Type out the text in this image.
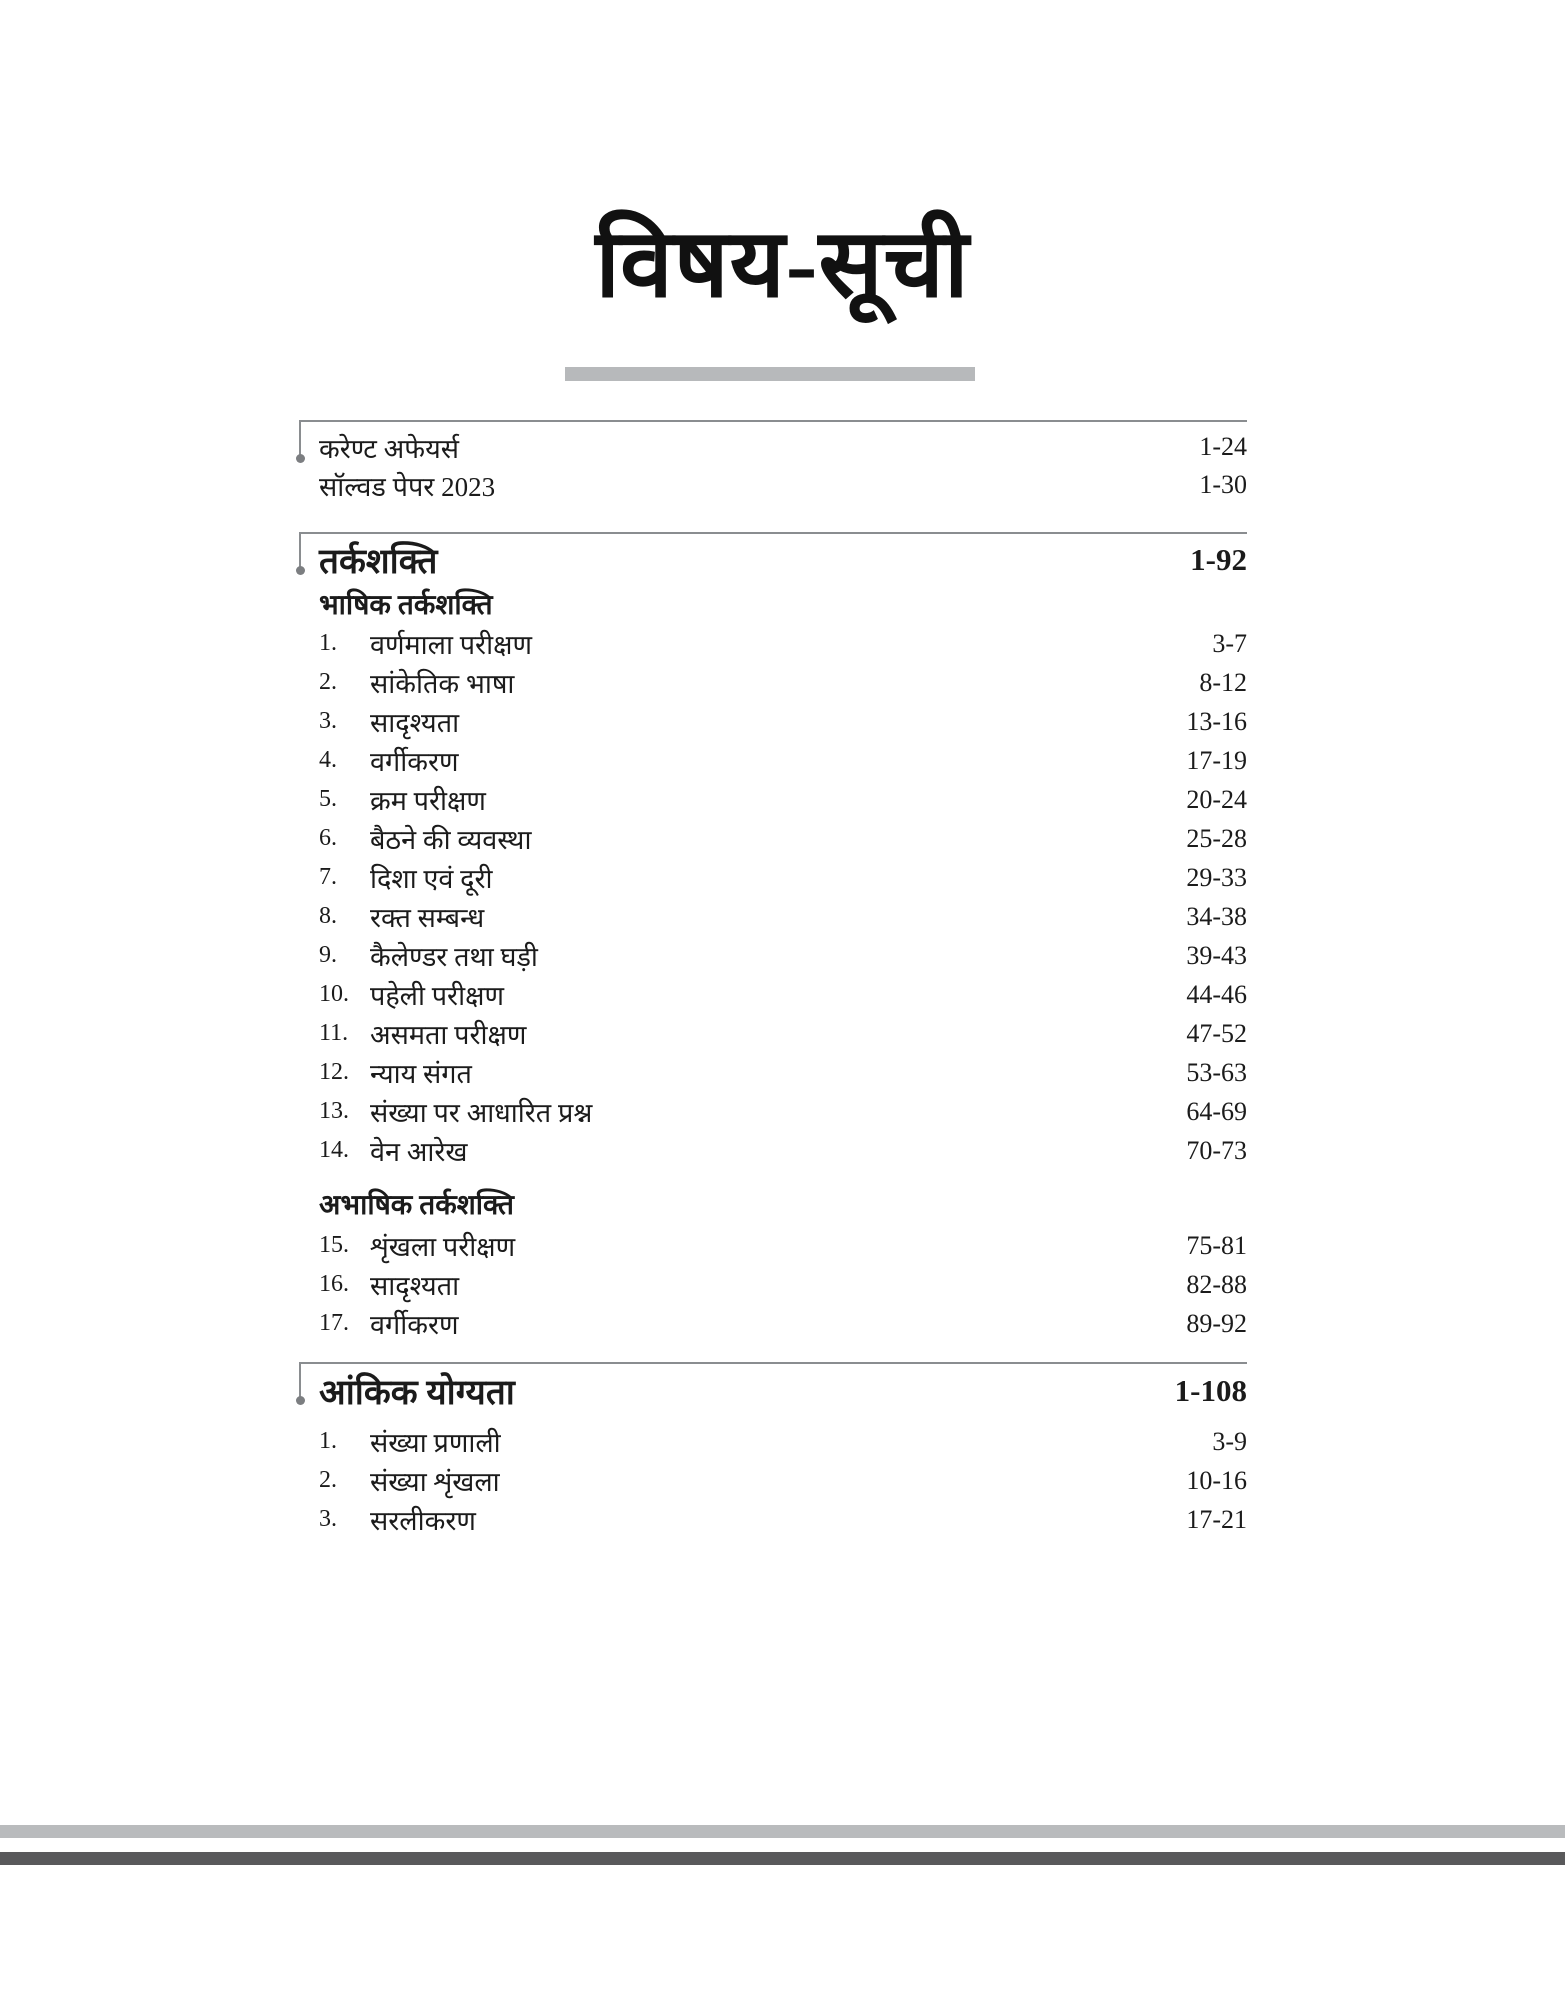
विषय-सूची
करेण्ट अफेयर्स	1-24
सॉल्वड पेपर 2023	1-30
तर्कशक्ति	1-92
भाषिक तर्कशक्ति
1.	वर्णमाला परीक्षण	3-7
2.	सांकेतिक भाषा	8-12
3.	सादृश्यता	13-16
4.	वर्गीकरण	17-19
5.	क्रम परीक्षण	20-24
6.	बैठने की व्यवस्था	25-28
7.	दिशा एवं दूरी	29-33
8.	रक्त सम्बन्ध	34-38
9.	कैलेण्डर तथा घड़ी	39-43
10. पहेली परीक्षण	44-46
11. असमता परीक्षण	47-52
12. न्याय संगत	53-63
13. संख्या पर आधारित प्रश्न	64-69
14. वेन आरेख	70-73
अभाषिक तर्कशक्ति
15. शृंखला परीक्षण	75-81
16. सादृश्यता	82-88
17. वर्गीकरण	89-92
आंकिक योग्यता	1-108
1.	संख्या प्रणाली	3-9
2.	संख्या शृंखला	10-16
3.	सरलीकरण	17-21
